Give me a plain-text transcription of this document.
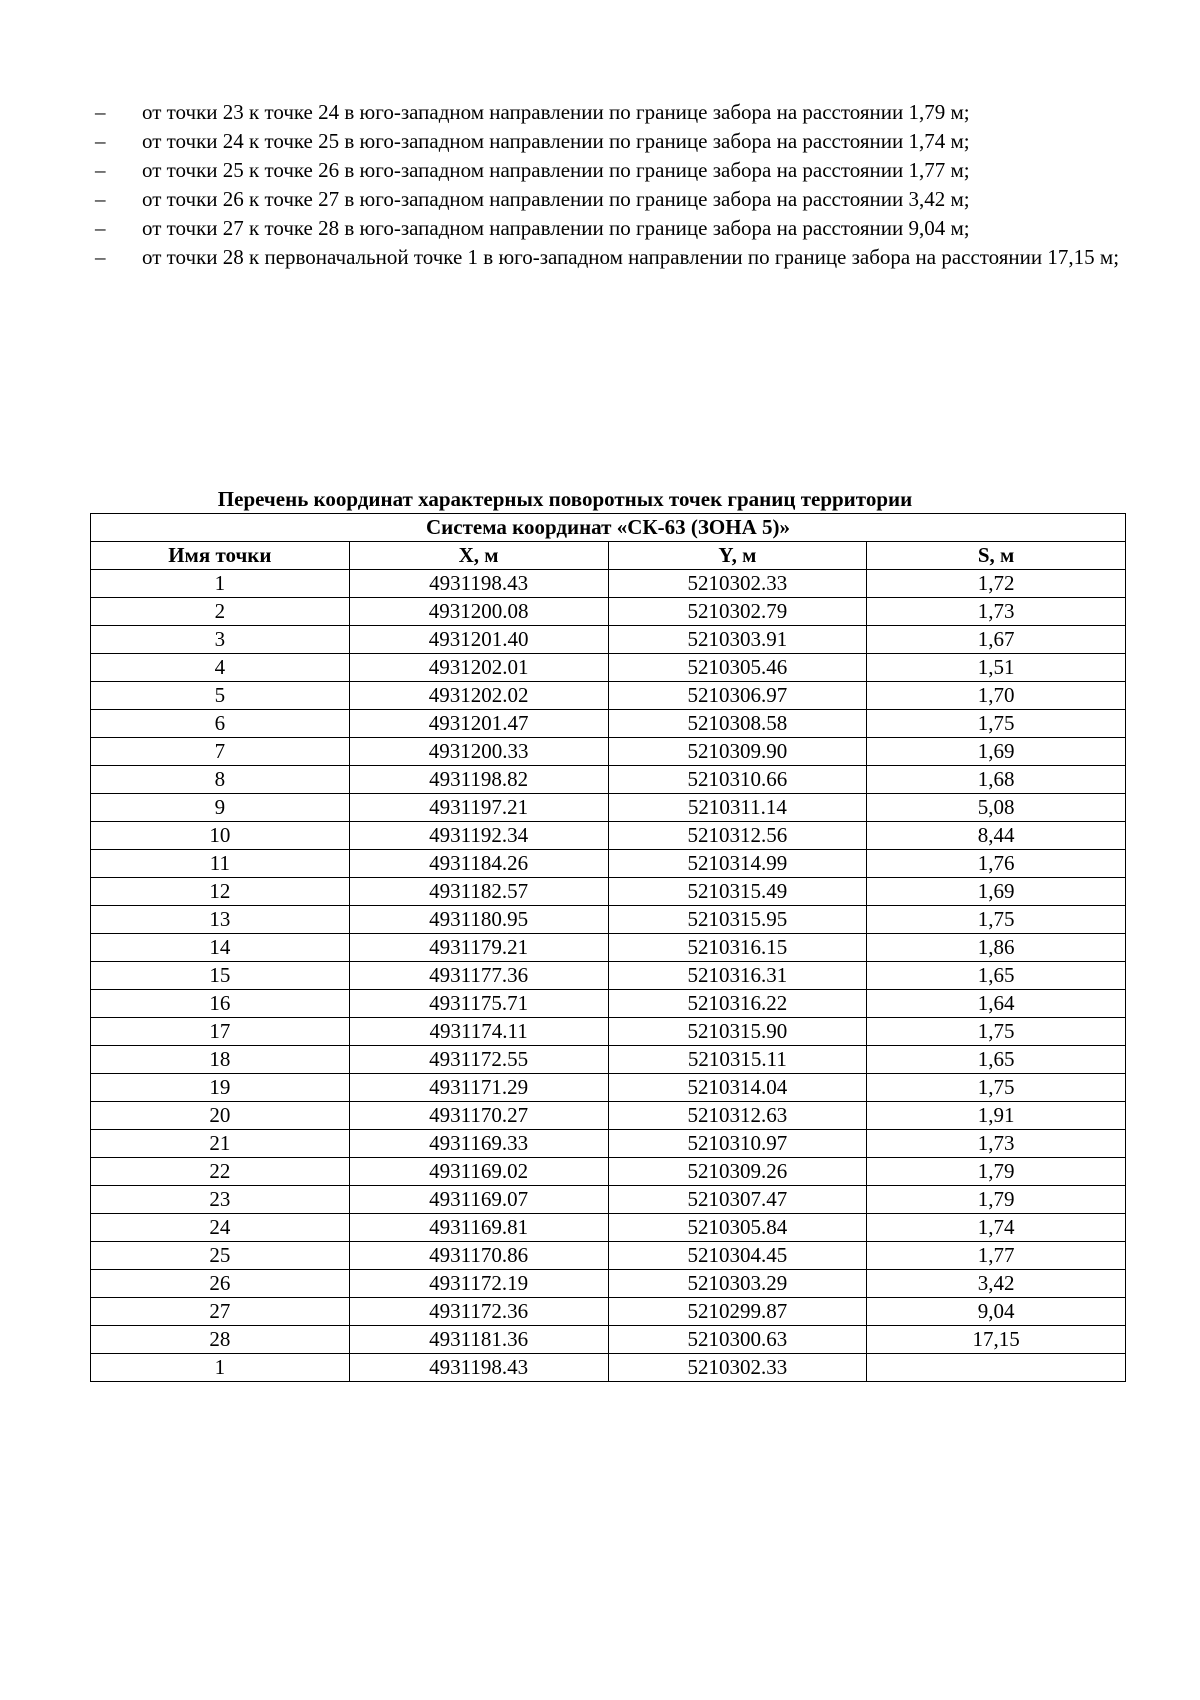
– от точки 23 к точке 24 в юго-западном направлении по границе забора на расстоянии 1,79 м;
– от точки 24 к точке 25 в юго-западном направлении по границе забора на расстоянии 1,74 м;
– от точки 25 к точке 26 в юго-западном направлении по границе забора на расстоянии 1,77 м;
– от точки 26 к точке 27 в юго-западном направлении по границе забора на расстоянии 3,42 м;
– от точки 27 к точке 28 в юго-западном направлении по границе забора на расстоянии 9,04 м;
– от точки 28 к первоначальной точке 1 в юго-западном направлении по границе забора на расстоянии 17,15 м;
Перечень координат характерных поворотных точек границ территории
Система координат «СК-63 (ЗОНА 5)»			
Имя точки	X, м	Y, м	S, м
1	4931198.43	5210302.33	1,72
2	4931200.08	5210302.79	1,73
3	4931201.40	5210303.91	1,67
4	4931202.01	5210305.46	1,51
5	4931202.02	5210306.97	1,70
6	4931201.47	5210308.58	1,75
7	4931200.33	5210309.90	1,69
8	4931198.82	5210310.66	1,68
9	4931197.21	5210311.14	5,08
10	4931192.34	5210312.56	8,44
11	4931184.26	5210314.99	1,76
12	4931182.57	5210315.49	1,69
13	4931180.95	5210315.95	1,75
14	4931179.21	5210316.15	1,86
15	4931177.36	5210316.31	1,65
16	4931175.71	5210316.22	1,64
17	4931174.11	5210315.90	1,75
18	4931172.55	5210315.11	1,65
19	4931171.29	5210314.04	1,75
20	4931170.27	5210312.63	1,91
21	4931169.33	5210310.97	1,73
22	4931169.02	5210309.26	1,79
23	4931169.07	5210307.47	1,79
24	4931169.81	5210305.84	1,74
25	4931170.86	5210304.45	1,77
26	4931172.19	5210303.29	3,42
27	4931172.36	5210299.87	9,04
28	4931181.36	5210300.63	17,15
1	4931198.43	5210302.33	
